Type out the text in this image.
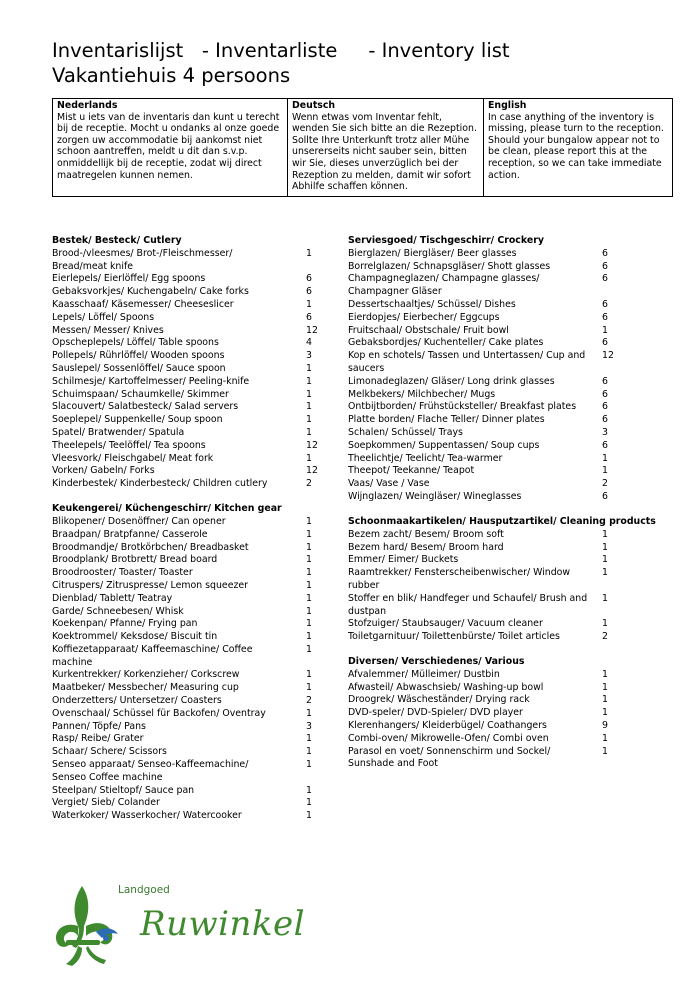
Inventarislijst   - Inventarliste     - Inventory list
Vakantiehuis 4 persoons
Nederlands
Mist u iets van de inventaris dan kunt u terecht bij de receptie. Mocht u ondanks al onze goede zorgen uw accommodatie bij aankomst niet schoon aantreffen, meldt u dit dan s.v.p. onmiddellijk bij de receptie, zodat wij direct maatregelen kunnen nemen.

Deutsch
Wenn etwas vom Inventar fehlt, wenden Sie sich bitte an die Rezeption. Sollte Ihre Unterkunft trotz aller Mühe unsererseits nicht sauber sein, bitten wir Sie, dieses unverzüglich bei der Rezeption zu melden, damit wir sofort Abhilfe schaffen können.

English
In case anything of the inventory is missing, please turn to the reception. Should your bungalow appear not to be clean, please report this at the reception, so we can take immediate action.
Bestek/ Besteck/ Cutlery
Brood-/vleesmes/ Brot-/Fleischmesser/ Bread/meat knife
1
Eierlepels/ Eierlöffel/ Egg spoons	6
Gebaksvorkjes/ Kuchengabeln/ Cake forks	6
Kaasschaaf/ Käsemesser/ Cheeseslicer	1
Lepels/ Löffel/ Spoons	6
Messen/ Messer/ Knives	12
Opscheplepels/ Löffel/ Table spoons	4
Pollepels/ Rührlöffel/ Wooden spoons	3
Sauslepel/ Sossenlöffel/ Sauce spoon	1
Schilmesje/ Kartoffelmesser/ Peeling-knife	1
Schuimspaan/ Schaumkelle/ Skimmer	1
Slacouvert/ Salatbesteck/ Salad servers	1
Soeplepel/ Suppenkelle/ Soup spoon	1
Spatel/ Bratwender/ Spatula	1
Theelepels/ Teelöffel/ Tea spoons	12
Vleesvork/ Fleischgabel/ Meat fork	1
Vorken/ Gabeln/ Forks	12
Kinderbestek/ Kinderbesteck/ Children cutlery	2
Keukengerei/ Küchengeschirr/ Kitchen gear
Blikopener/ Dosenöffner/ Can opener	1
Braadpan/ Bratpfanne/ Casserole	1
Broodmandje/ Brotkörbchen/ Breadbasket	1
Broodplank/ Brotbrett/ Bread board	1
Broodrooster/ Toaster/ Toaster	1
Citruspers/ Zitruspresse/ Lemon squeezer	1
Dienblad/ Tablett/ Teatray	1
Garde/ Schneebesen/ Whisk	1
Koekenpan/ Pfanne/ Frying pan	1
Koektrommel/ Keksdose/ Biscuit tin	1
Koffiezetapparaat/ Kaffeemaschine/ Coffee machine
1
Kurkentrekker/ Korkenzieher/ Corkscrew	1
Maatbeker/ Messbecher/ Measuring cup	1
Onderzetters/ Untersetzer/ Coasters	2
Ovenschaal/ Schüssel für Backofen/ Oventray	1
Pannen/ Töpfe/ Pans	3
Rasp/ Reibe/ Grater	1
Schaar/ Schere/ Scissors	1
Senseo apparaat/ Senseo-Kaffeemachine/ Senseo Coffee machine
1
Steelpan/ Stieltopf/ Sauce pan	1
Vergiet/ Sieb/ Colander	1
Waterkoker/ Wasserkocher/ Watercooker	1
Serviesgoed/ Tischgeschirr/ Crockery
Bierglazen/ Biergläser/ Beer glasses	6
Borrelglazen/ Schnapsgläser/ Shott glasses	6
Champagneglazen/ Champagne glasses/ Champagner Gläser
6
Dessertschaaltjes/ Schüssel/ Dishes	6
Eierdopjes/ Eierbecher/ Eggcups	6
Fruitschaal/ Obstschale/ Fruit bowl	1
Gebaksbordjes/ Kuchenteller/ Cake plates	6
Kop en schotels/ Tassen und Untertassen/ Cup and saucers
12
Limonadeglazen/ Gläser/ Long drink glasses	6
Melkbekers/ Milchbecher/ Mugs	6
Ontbijtborden/ Frühstücksteller/ Breakfast plates	6
Platte borden/ Flache Teller/ Dinner plates	6
Schalen/ Schüssel/ Trays	3
Soepkommen/ Suppentassen/ Soup cups	6
Theelichtje/ Teelicht/ Tea-warmer	1
Theepot/ Teekanne/ Teapot	1
Vaas/ Vase / Vase	2
Wijnglazen/ Weingläser/ Wineglasses	6
Schoonmaakartikelen/ Hausputzartikel/ Cleaning products
Bezem zacht/ Besem/ Broom soft	1
Bezem hard/ Besem/ Broom hard	1
Emmer/ Eimer/ Buckets	1
Raamtrekker/ Fensterscheibenwischer/ Window rubber
1
Stoffer en blik/ Handfeger und Schaufel/ Brush and dustpan
1
Stofzuiger/ Staubsauger/ Vacuum cleaner	1
Toiletgarnituur/ Toilettenbürste/ Toilet articles	2
Diversen/ Verschiedenes/ Various
Afvalemmer/ Mülleimer/ Dustbin	1
Afwasteil/ Abwaschsieb/ Washing-up bowl	1
Droogrek/ Wäscheständer/ Drying rack	1
DVD-speler/ DVD-Spieler/ DVD player	1
Klerenhangers/ Kleiderbügel/ Coathangers	9
Combi-oven/ Mikrowelle-Ofen/ Combi oven	1
Parasol en voet/ Sonnenschirm und Sockel/ Sunshade and Foot
1
Landgoed
Ruwinkel
